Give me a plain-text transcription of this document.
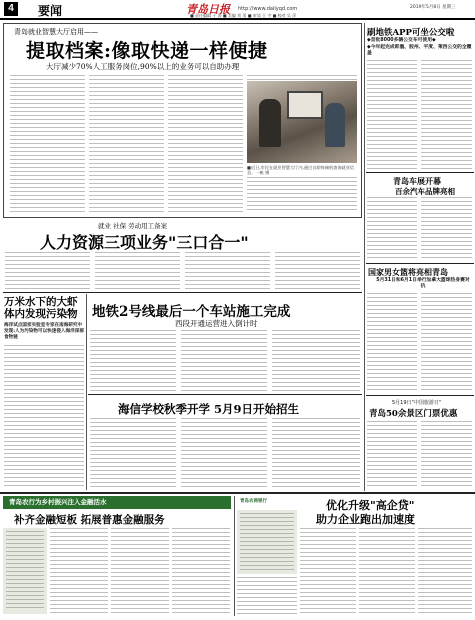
4	要闻	青岛日报 http://www.dailyqd.com	2019年5月8日 星期三
■ 责任编辑 于 涛 ■ 美编 刘 男 ■ 审读 王 宇 ■ 校对 吴 萍
青岛就业智慧大厅启用——
提取档案:像取快递一样便捷
大厅减少70%人工服务岗位,90%以上的业务可以自助办理
■近日,市民在就业智慧大厅内,通过自助终端机查询就业信息。一帆 摄
就业 社保 劳动用工备案
人力资源三项业务"三口合一"
万米水下的大虾体内发现污染物
海洋试点国家实验室专家在南海研究中发现:人为污染物可以快速侵入海洋深部食物链
地铁2号线最后一个车站施工完成
西段开通运营进入倒计时
海信学校秋季开学 5月9日开始招生
刷地铁APP可坐公交啦
◆首批8000多辆公交车可使用◆
◆今年起完成即墨、胶州、平度、莱西公交的全覆盖
青岛车展开幕
百余汽车品牌亮相
国家男女篮将亮相青岛
5月31日和6月1日举行加拿大篮球热身赛对抗
5月19日"中国旅游日"
青岛50余景区门票优惠
青岛农行为乡村振兴注入金融活水
补齐金融短板 拓展普惠金融服务
青岛农商银行	优化升级"高企贷"
助力企业跑出加速度
